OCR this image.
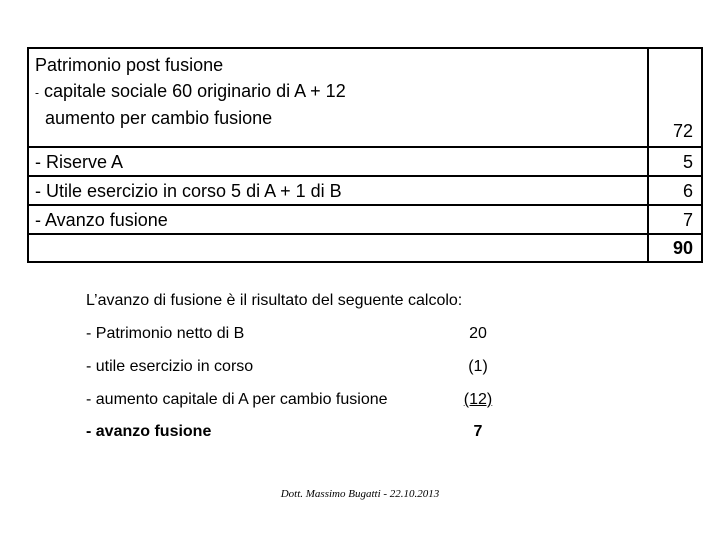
Patrimonio post fusione
- capitale sociale 60 originario di A + 12
aumento per cambio fusione	72
- Riserve A	5
- Utile esercizio in corso 5 di A + 1 di B	6
- Avanzo fusione	7
	90
L’avanzo di fusione è il risultato del seguente calcolo:
- Patrimonio netto di B	20
- utile esercizio in corso	(1)
- aumento capitale di A per cambio fusione	(12)
- avanzo fusione	7
Dott. Massimo Bugatti - 22.10.2013
